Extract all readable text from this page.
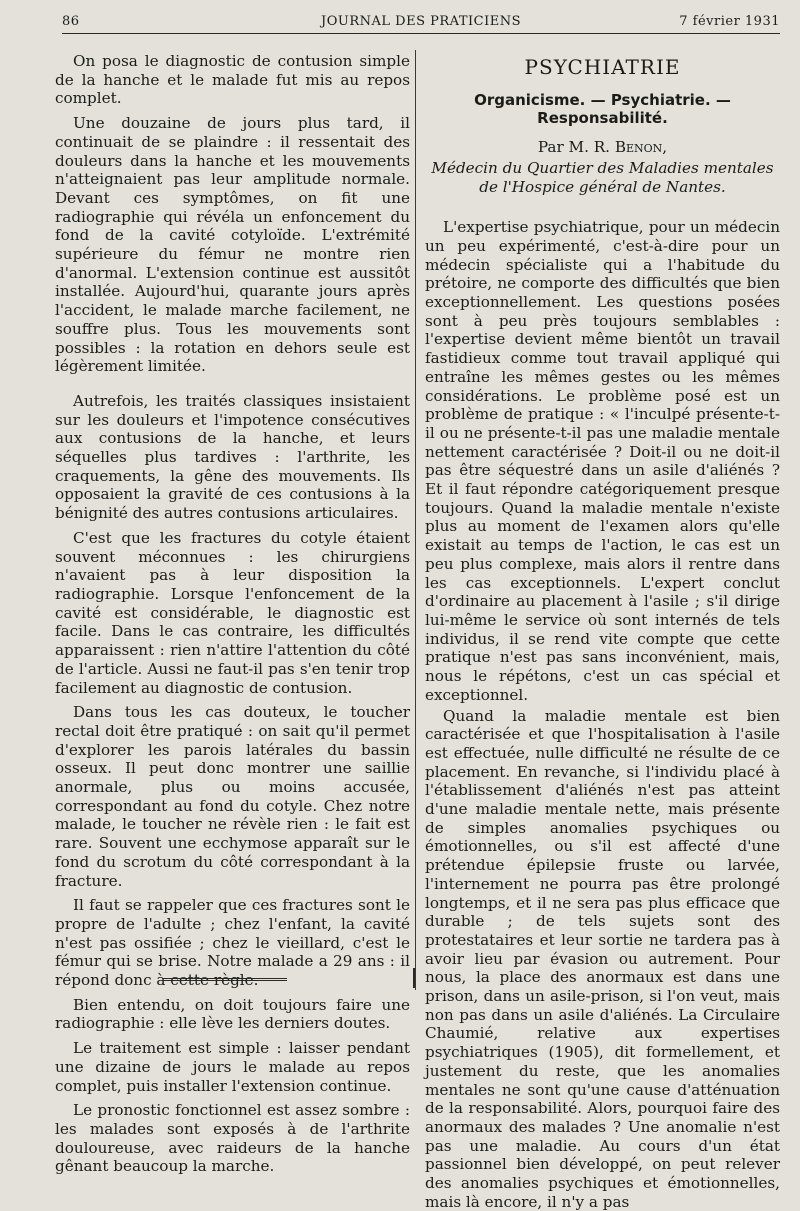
86	JOURNAL DES PRATICIENS	7 février 1931

On posa le diagnostic de contusion simple de la hanche et le malade fut mis au repos complet.

Une douzaine de jours plus tard, il continuait de se plaindre : il ressentait des douleurs dans la hanche et les mouvements n'atteignaient pas leur amplitude normale. Devant ces symptômes, on fit une radiographie qui révéla un enfoncement du fond de la cavité cotyloïde. L'extrémité supérieure du fémur ne montre rien d'anormal. L'extension continue est aussitôt installée. Aujourd'hui, quarante jours après l'accident, le malade marche facilement, ne souffre plus. Tous les mouvements sont possibles : la rotation en dehors seule est légèrement limitée.

Autrefois, les traités classiques insistaient sur les douleurs et l'impotence consécutives aux contusions de la hanche, et leurs séquelles plus tardives : l'arthrite, les craquements, la gêne des mouvements. Ils opposaient la gravité de ces contusions à la bénignité des autres contusions articulaires.

C'est que les fractures du cotyle étaient souvent méconnues : les chirurgiens n'avaient pas à leur disposition la radiographie. Lorsque l'enfoncement de la cavité est considérable, le diagnostic est facile. Dans le cas contraire, les difficultés apparaissent : rien n'attire l'attention du côté de l'article. Aussi ne faut-il pas s'en tenir trop facilement au diagnostic de contusion.

Dans tous les cas douteux, le toucher rectal doit être pratiqué : on sait qu'il permet d'explorer les parois latérales du bassin osseux. Il peut donc montrer une saillie anormale, plus ou moins accusée, correspondant au fond du cotyle. Chez notre malade, le toucher ne révèle rien : le fait est rare. Souvent une ecchymose apparaît sur le fond du scrotum du côté correspondant à la fracture.

Il faut se rappeler que ces fractures sont le propre de l'adulte ; chez l'enfant, la cavité n'est pas ossifiée ; chez le vieillard, c'est le fémur qui se brise. Notre malade a 29 ans : il répond donc à cette règle.

Bien entendu, on doit toujours faire une radiographie : elle lève les derniers doutes.

Le traitement est simple : laisser pendant une dizaine de jours le malade au repos complet, puis installer l'extension continue.

Le pronostic fonctionnel est assez sombre : les malades sont exposés à de l'arthrite douloureuse, avec raideurs de la hanche gênant beaucoup la marche.

PSYCHIATRIE
Organicisme. — Psychiatrie. — Responsabilité.

Par M. R. Benon,

Médecin du Quartier des Maladies mentales
de l'Hospice général de Nantes.

L'expertise psychiatrique, pour un médecin un peu expérimenté, c'est-à-dire pour un médecin spécialiste qui a l'habitude du prétoire, ne comporte des difficultés que bien exceptionnellement. Les questions posées sont à peu près toujours semblables : l'expertise devient même bientôt un travail fastidieux comme tout travail appliqué qui entraîne les mêmes gestes ou les mêmes considérations. Le problème posé est un problème de pratique : « l'inculpé présente-t-il ou ne présente-t-il pas une maladie mentale nettement caractérisée ? Doit-il ou ne doit-il pas être séquestré dans un asile d'aliénés ? Et il faut répondre catégoriquement presque toujours. Quand la maladie mentale n'existe plus au moment de l'examen alors qu'elle existait au temps de l'action, le cas est un peu plus complexe, mais alors il rentre dans les cas exceptionnels. L'expert conclut d'ordinaire au placement à l'asile ; s'il dirige lui-même le service où sont internés de tels individus, il se rend vite compte que cette pratique n'est pas sans inconvénient, mais, nous le répétons, c'est un cas spécial et exceptionnel.

Quand la maladie mentale est bien caractérisée et que l'hospitalisation à l'asile est effectuée, nulle difficulté ne résulte de ce placement. En revanche, si l'individu placé à l'établissement d'aliénés n'est pas atteint d'une maladie mentale nette, mais présente de simples anomalies psychiques ou émotionnelles, ou s'il est affecté d'une prétendue épilepsie fruste ou larvée, l'internement ne pourra pas être prolongé longtemps, et il ne sera pas plus efficace que durable ; de tels sujets sont des protestataires et leur sortie ne tardera pas à avoir lieu par évasion ou autrement. Pour nous, la place des anormaux est dans une prison, dans un asile-prison, si l'on veut, mais non pas dans un asile d'aliénés. La Circulaire Chaumié, relative aux expertises psychiatriques (1905), dit formellement, et justement du reste, que les anomalies mentales ne sont qu'une cause d'atténuation de la responsabilité. Alors, pourquoi faire des anormaux des malades ? Une anomalie n'est pas une maladie. Au cours d'un état passionnel bien développé, on peut relever des anomalies psychiques et émotionnelles, mais là encore, il n'y a pas
